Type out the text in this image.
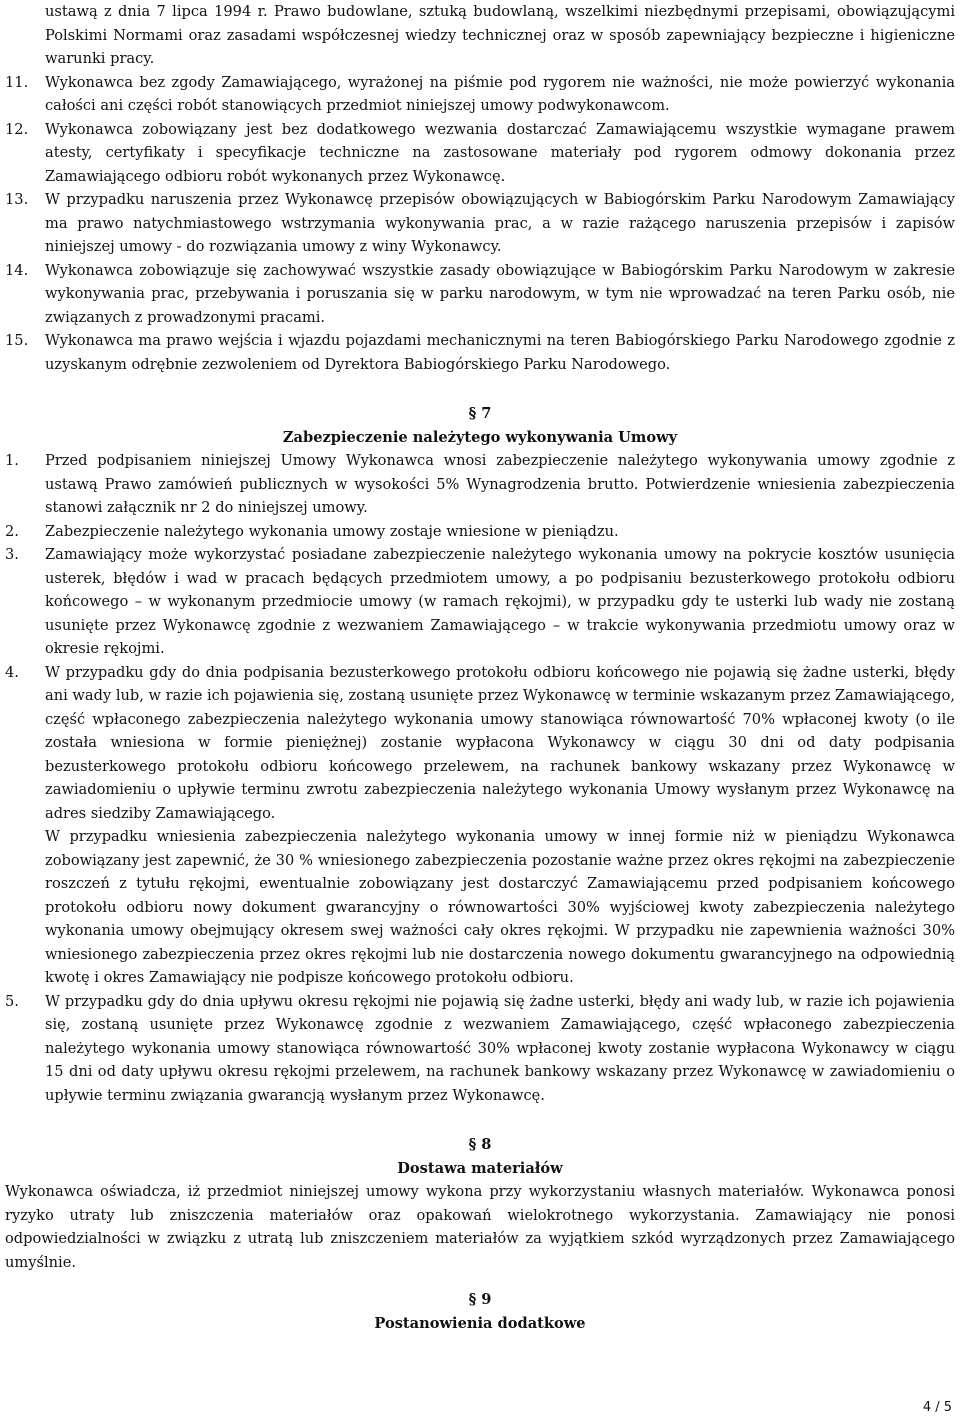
ustawą z dnia 7 lipca 1994 r. Prawo budowlane, sztuką budowlaną, wszelkimi niezbędnymi przepisami, obowiązującymi Polskimi Normami oraz zasadami współczesnej wiedzy technicznej oraz w sposób zapewniający bezpieczne i higieniczne warunki pracy.

11. Wykonawca bez zgody Zamawiającego, wyrażonej na piśmie pod rygorem nie ważności, nie może powierzyć wykonania całości ani części robót stanowiących przedmiot niniejszej umowy podwykonawcom.
12. Wykonawca zobowiązany jest bez dodatkowego wezwania dostarczać Zamawiającemu wszystkie wymagane prawem atesty, certyfikaty i specyfikacje techniczne na zastosowane materiały pod rygorem odmowy dokonania przez Zamawiającego odbioru robót wykonanych przez Wykonawcę.
13. W przypadku naruszenia przez Wykonawcę przepisów obowiązujących w Babiogórskim Parku Narodowym Zamawiający ma prawo natychmiastowego wstrzymania wykonywania prac, a w razie rażącego naruszenia przepisów i zapisów niniejszej umowy - do rozwiązania umowy z winy Wykonawcy.
14. Wykonawca zobowiązuje się zachowywać wszystkie zasady obowiązujące w Babiogórskim Parku Narodowym w zakresie wykonywania prac, przebywania i poruszania się w parku narodowym, w tym nie wprowadzać na teren Parku osób, nie związanych z prowadzonymi pracami.
15. Wykonawca ma prawo wejścia i wjazdu pojazdami mechanicznymi na teren Babiogórskiego Parku Narodowego zgodnie z uzyskanym odrębnie zezwoleniem od Dyrektora Babiogórskiego Parku Narodowego.

§ 7

Zabezpieczenie należytego wykonywania Umowy

1. Przed podpisaniem niniejszej Umowy Wykonawca wnosi zabezpieczenie należytego wykonywania umowy zgodnie z ustawą Prawo zamówień publicznych w wysokości 5% Wynagrodzenia brutto. Potwierdzenie wniesienia zabezpieczenia stanowi załącznik nr 2 do niniejszej umowy.
2. Zabezpieczenie należytego wykonania umowy zostaje wniesione w pieniądzu.
3. Zamawiający może wykorzystać posiadane zabezpieczenie należytego wykonania umowy na pokrycie kosztów usunięcia usterek, błędów i wad w pracach będących przedmiotem umowy, a po podpisaniu bezusterkowego protokołu odbioru końcowego – w wykonanym przedmiocie umowy (w ramach rękojmi), w przypadku gdy te usterki lub wady nie zostaną usunięte przez Wykonawcę zgodnie z wezwaniem Zamawiającego – w trakcie wykonywania przedmiotu umowy oraz w okresie rękojmi.
4. W przypadku gdy do dnia podpisania bezusterkowego protokołu odbioru końcowego nie pojawią się żadne usterki, błędy ani wady lub, w razie ich pojawienia się, zostaną usunięte przez Wykonawcę w terminie wskazanym przez Zamawiającego, część wpłaconego zabezpieczenia należytego wykonania umowy stanowiąca równowartość 70% wpłaconej kwoty (o ile została wniesiona w formie pieniężnej) zostanie wypłacona Wykonawcy w ciągu 30 dni od daty podpisania bezusterkowego protokołu odbioru końcowego przelewem, na rachunek bankowy wskazany przez Wykonawcę w zawiadomieniu o upływie terminu zwrotu zabezpieczenia należytego wykonania Umowy wysłanym przez Wykonawcę na adres siedziby Zamawiającego.
W przypadku wniesienia zabezpieczenia należytego wykonania umowy w innej formie niż w pieniądzu Wykonawca zobowiązany jest zapewnić, że 30 % wniesionego zabezpieczenia pozostanie ważne przez okres rękojmi na zabezpieczenie roszczeń z tytułu rękojmi, ewentualnie zobowiązany jest dostarczyć Zamawiającemu przed podpisaniem końcowego protokołu odbioru nowy dokument gwarancyjny o równowartości 30% wyjściowej kwoty zabezpieczenia należytego wykonania umowy obejmujący okresem swej ważności cały okres rękojmi. W przypadku nie zapewnienia ważności 30% wniesionego zabezpieczenia przez okres rękojmi lub nie dostarczenia nowego dokumentu gwarancyjnego na odpowiednią kwotę i okres Zamawiający nie podpisze końcowego protokołu odbioru.
5. W przypadku gdy do dnia upływu okresu rękojmi nie pojawią się żadne usterki, błędy ani wady lub, w razie ich pojawienia się, zostaną usunięte przez Wykonawcę zgodnie z wezwaniem Zamawiającego, część wpłaconego zabezpieczenia należytego wykonania umowy stanowiąca równowartość 30% wpłaconej kwoty zostanie wypłacona Wykonawcy w ciągu 15 dni od daty upływu okresu rękojmi przelewem, na rachunek bankowy wskazany przez Wykonawcę w zawiadomieniu o upływie terminu związania gwarancją wysłanym przez Wykonawcę.

§ 8

Dostawa materiałów

Wykonawca oświadcza, iż przedmiot niniejszej umowy wykona przy wykorzystaniu własnych materiałów. Wykonawca ponosi ryzyko utraty lub zniszczenia materiałów oraz opakowań wielokrotnego wykorzystania. Zamawiający nie ponosi odpowiedzialności w związku z utratą lub zniszczeniem materiałów za wyjątkiem szkód wyrządzonych przez Zamawiającego umyślnie.

§ 9

Postanowienia dodatkowe

4 / 5
